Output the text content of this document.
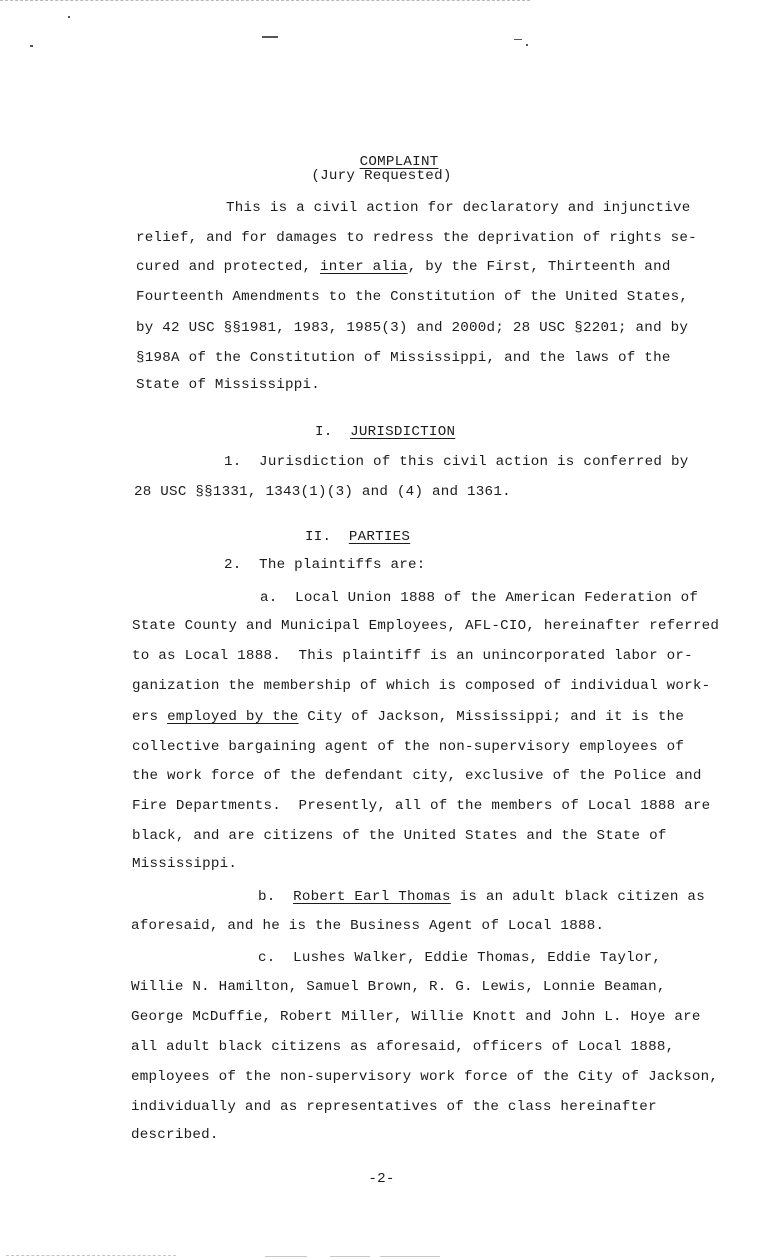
COMPLAINT

(Jury Requested)
This is a civil action for declaratory and injunctive
relief, and for damages to redress the deprivation of rights se-
cured and protected, inter alia, by the First, Thirteenth and
Fourteenth Amendments to the Constitution of the United States,
by 42 USC §§1981, 1983, 1985(3) and 2000d; 28 USC §2201; and by
§198A of the Constitution of Mississippi, and the laws of the
State of Mississippi.
I. JURISDICTION
1.  Jurisdiction of this civil action is conferred by
28 USC §§1331, 1343(1)(3) and (4) and 1361.
II. PARTIES
2.  The plaintiffs are:
a.  Local Union 1888 of the American Federation of
State County and Municipal Employees, AFL-CIO, hereinafter referred
to as Local 1888.  This plaintiff is an unincorporated labor or-
ganization the membership of which is composed of individual work-
ers employed by the City of Jackson, Mississippi; and it is the
collective bargaining agent of the non-supervisory employees of
the work force of the defendant city, exclusive of the Police and
Fire Departments.  Presently, all of the members of Local 1888 are
black, and are citizens of the United States and the State of
Mississippi.
b.  Robert Earl Thomas is an adult black citizen as
aforesaid, and he is the Business Agent of Local 1888.
c.  Lushes Walker, Eddie Thomas, Eddie Taylor,
Willie N. Hamilton, Samuel Brown, R. G. Lewis, Lonnie Beaman,
George McDuffie, Robert Miller, Willie Knott and John L. Hoye are
all adult black citizens as aforesaid, officers of Local 1888,
employees of the non-supervisory work force of the City of Jackson,
individually and as representatives of the class hereinafter
described.
-2-
